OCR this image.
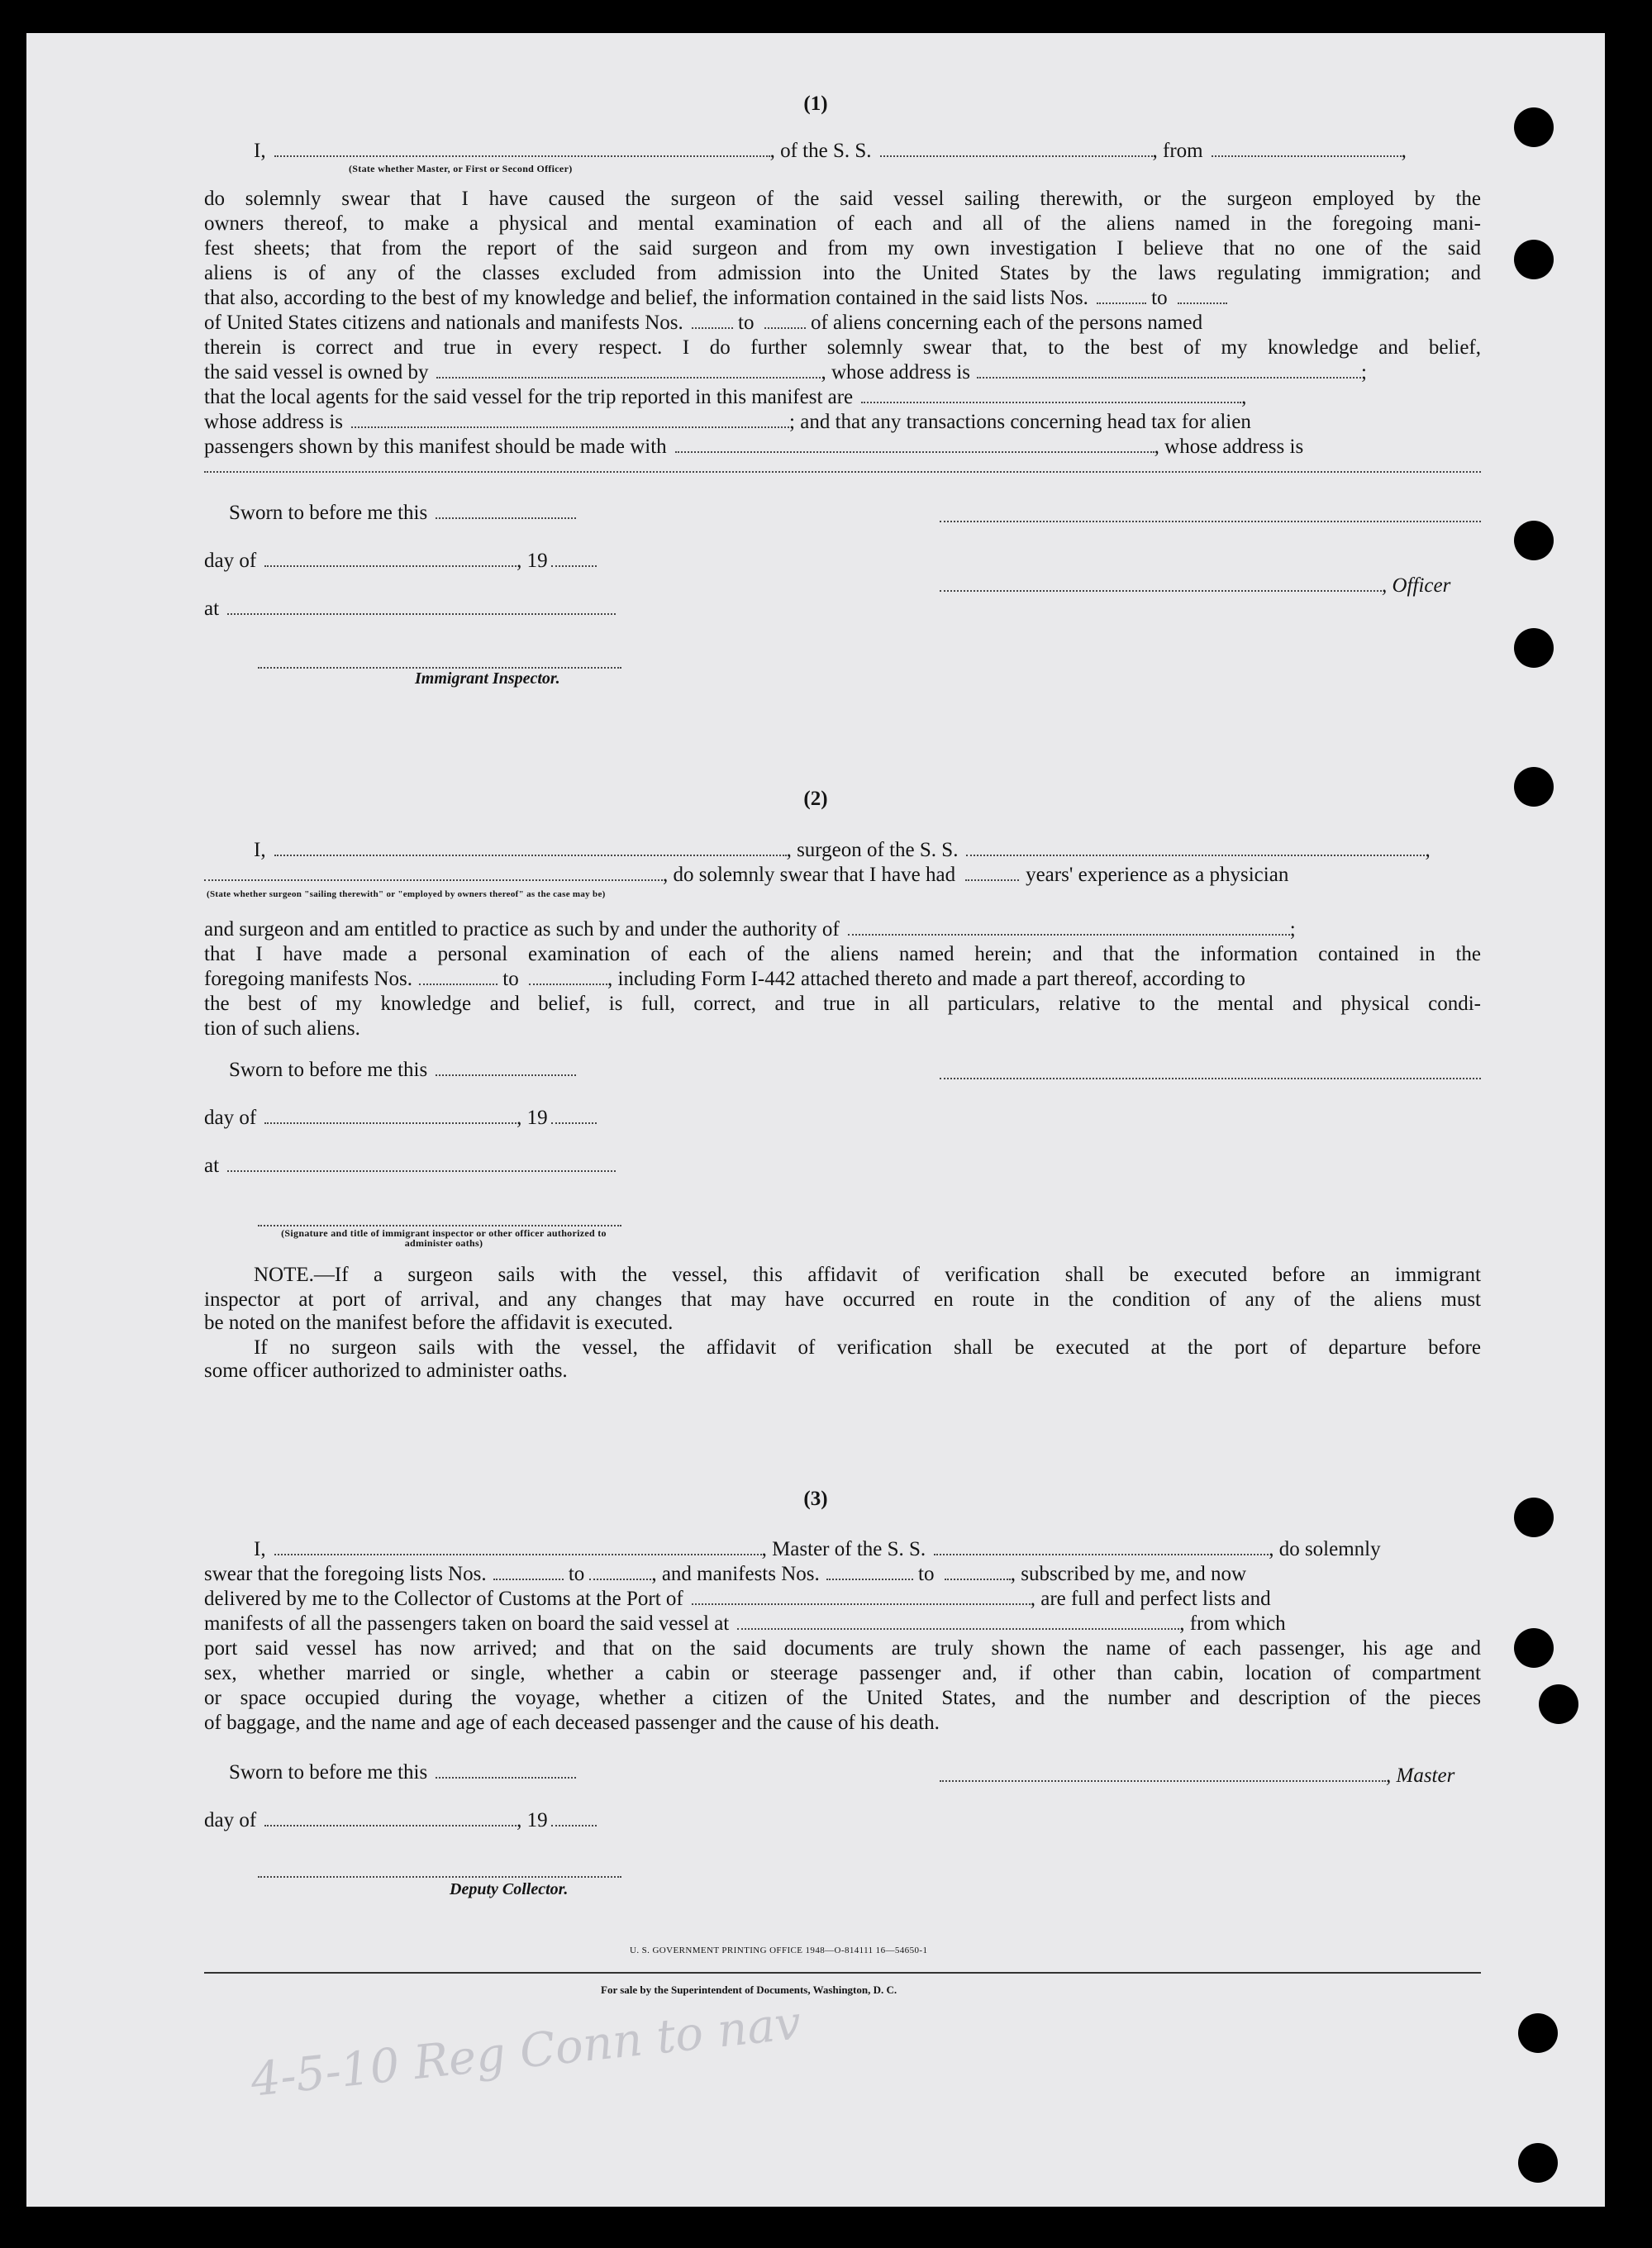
(1)
I,	, of the S. S.	, from	,
(State whether Master, or First or Second Officer)
do solemnly swear that I have caused the surgeon of the said vessel sailing therewith, or the surgeon employed by the
owners thereof, to make a physical and mental examination of each and all of the aliens named in the foregoing mani-
fest sheets; that from the report of the said surgeon and from my own investigation I believe that no one of the said
aliens is of any of the classes excluded from admission into the United States by the laws regulating immigration; and
that also, according to the best of my knowledge and belief, the information contained in the said lists Nos.	to
of United States citizens and nationals and manifests Nos.	to	of aliens concerning each of the persons named
therein is correct and true in every respect. I do further solemnly swear that, to the best of my knowledge and belief,
the said vessel is owned by	, whose address is	;
that the local agents for the said vessel for the trip reported in this manifest are	,
whose address is	; and that any transactions concerning head tax for alien
passengers shown by this manifest should be made with	, whose address is
Sworn to before me this
day of	, 19
, Officer
at
Immigrant Inspector.
(2)
I,	, surgeon of the S. S.	,
, do solemnly swear that I have had	years' experience as a physician
(State whether surgeon "sailing therewith" or "employed by owners thereof" as the case may be)
and surgeon and am entitled to practice as such by and under the authority of	;
that I have made a personal examination of each of the aliens named herein; and that the information contained in the
foregoing manifests Nos.	to	, including Form I-442 attached thereto and made a part thereof, according to
the best of my knowledge and belief, is full, correct, and true in all particulars, relative to the mental and physical condi-
tion of such aliens.
Sworn to before me this
day of	, 19
at
(Signature and title of immigrant inspector or other officer authorized to administer oaths)
NOTE.—If a surgeon sails with the vessel, this affidavit of verification shall be executed before an immigrant
inspector at port of arrival, and any changes that may have occurred en route in the condition of any of the aliens must
be noted on the manifest before the affidavit is executed.
If no surgeon sails with the vessel, the affidavit of verification shall be executed at the port of departure before
some officer authorized to administer oaths.
(3)
I,	, Master of the S. S.	, do solemnly
swear that the foregoing lists Nos.	to	, and manifests Nos.	to	, subscribed by me, and now
delivered by me to the Collector of Customs at the Port of	, are full and perfect lists and
manifests of all the passengers taken on board the said vessel at	, from which
port said vessel has now arrived; and that on the said documents are truly shown the name of each passenger, his age and
sex, whether married or single, whether a cabin or steerage passenger and, if other than cabin, location of compartment
or space occupied during the voyage, whether a citizen of the United States, and the number and description of the pieces
of baggage, and the name and age of each deceased passenger and the cause of his death.
Sworn to before me this	, Master
day of	, 19
Deputy Collector.
U. S. GOVERNMENT PRINTING OFFICE 1948—O-814111 16—54650-1
For sale by the Superintendent of Documents, Washington, D. C.
4-5-10 Reg Conn to nav
